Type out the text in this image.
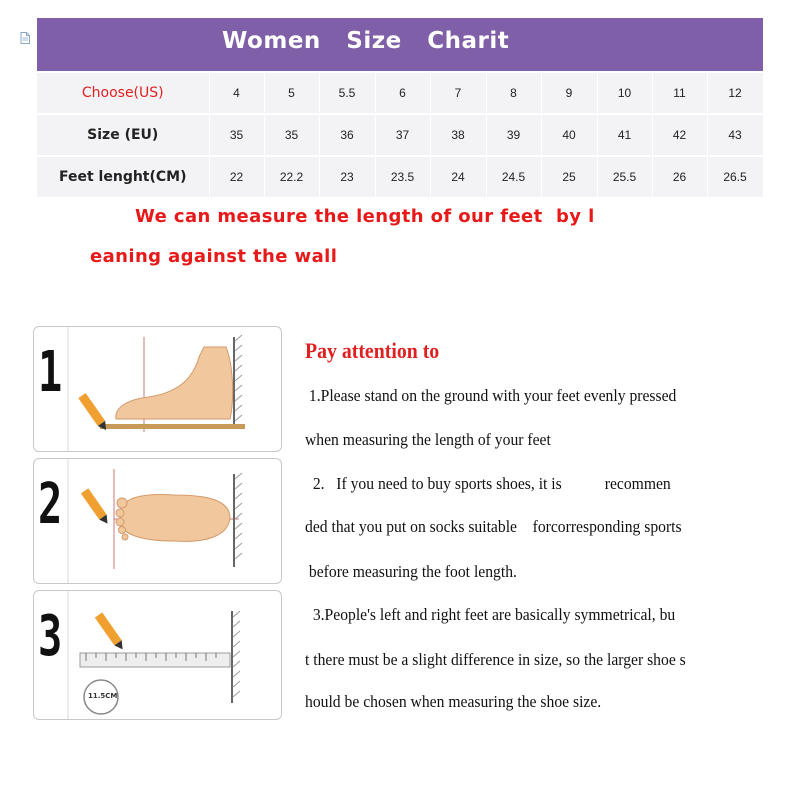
Women   Size   Charit
Choose(US)	4	5	5.5	6	7	8	9	10	11	12
Size (EU)	35	35	36	37	38	39	40	41	42	43
Feet lenght(CM)	22	22.2	23	23.5	24	24.5	25	25.5	26	26.5
We can measure the length of our feet  by l
eaning against the wall
1
2
3
11.5CM
Pay attention to
1.Please stand on the ground with your feet evenly pressed
when measuring the length of your feet
2.   If you need to buy sports shoes, it is           recommen
ded that you put on socks suitable    forcorresponding sports
before measuring the foot length.
3.People's left and right feet are basically symmetrical, bu
t there must be a slight difference in size, so the larger shoe s
hould be chosen when measuring the shoe size.
